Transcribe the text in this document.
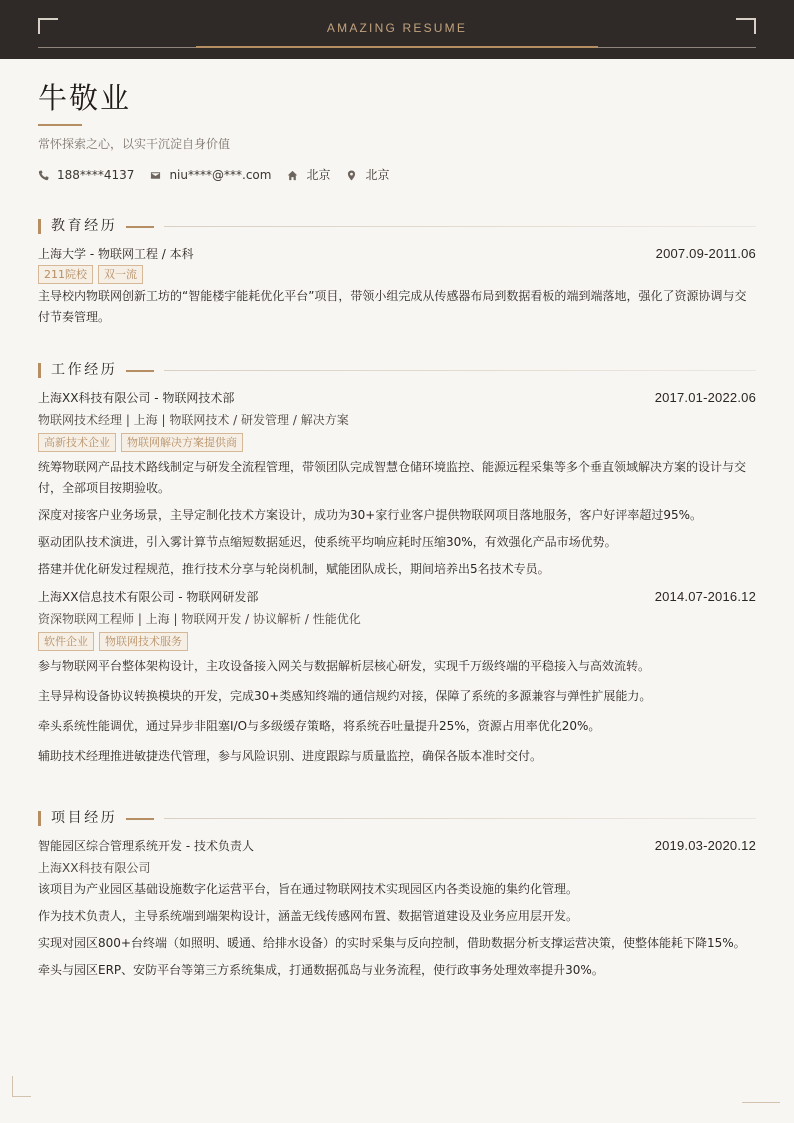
AMAZING RESUME
牛敬业
常怀探索之心，以实干沉淀自身价值
188****4137	niu****@***.com	北京	北京
教育经历
上海大学 - 物联网工程 / 本科	2007.09-2011.06
211院校	双一流
主导校内物联网创新工坊的“智能楼宇能耗优化平台”项目，带领小组完成从传感器布局到数据看板的端到端落地，强化了资源协调与交付节奏管理。
工作经历
上海XX科技有限公司 - 物联网技术部	2017.01-2022.06
物联网技术经理 | 上海 | 物联网技术 / 研发管理 / 解决方案
高新技术企业	物联网解决方案提供商
统筹物联网产品技术路线制定与研发全流程管理，带领团队完成智慧仓储环境监控、能源远程采集等多个垂直领域解决方案的设计与交付，全部项目按期验收。
深度对接客户业务场景，主导定制化技术方案设计，成功为30+家行业客户提供物联网项目落地服务，客户好评率超过95%。
驱动团队技术演进，引入雾计算节点缩短数据延迟，使系统平均响应耗时压缩30%，有效强化产品市场优势。
搭建并优化研发过程规范，推行技术分享与轮岗机制，赋能团队成长，期间培养出5名技术专员。
上海XX信息技术有限公司 - 物联网研发部	2014.07-2016.12
资深物联网工程师 | 上海 | 物联网开发 / 协议解析 / 性能优化
软件企业	物联网技术服务
参与物联网平台整体架构设计，主攻设备接入网关与数据解析层核心研发，实现千万级终端的平稳接入与高效流转。
主导异构设备协议转换模块的开发，完成30+类感知终端的通信规约对接，保障了系统的多源兼容与弹性扩展能力。
牵头系统性能调优，通过异步非阻塞I/O与多级缓存策略，将系统吞吐量提升25%，资源占用率优化20%。
辅助技术经理推进敏捷迭代管理，参与风险识别、进度跟踪与质量监控，确保各版本准时交付。
项目经历
智能园区综合管理系统开发 - 技术负责人	2019.03-2020.12
上海XX科技有限公司
该项目为产业园区基础设施数字化运营平台，旨在通过物联网技术实现园区内各类设施的集约化管理。
作为技术负责人，主导系统端到端架构设计，涵盖无线传感网布置、数据管道建设及业务应用层开发。
实现对园区800+台终端（如照明、暖通、给排水设备）的实时采集与反向控制，借助数据分析支撑运营决策，使整体能耗下降15%。
牵头与园区ERP、安防平台等第三方系统集成，打通数据孤岛与业务流程，使行政事务处理效率提升30%。
